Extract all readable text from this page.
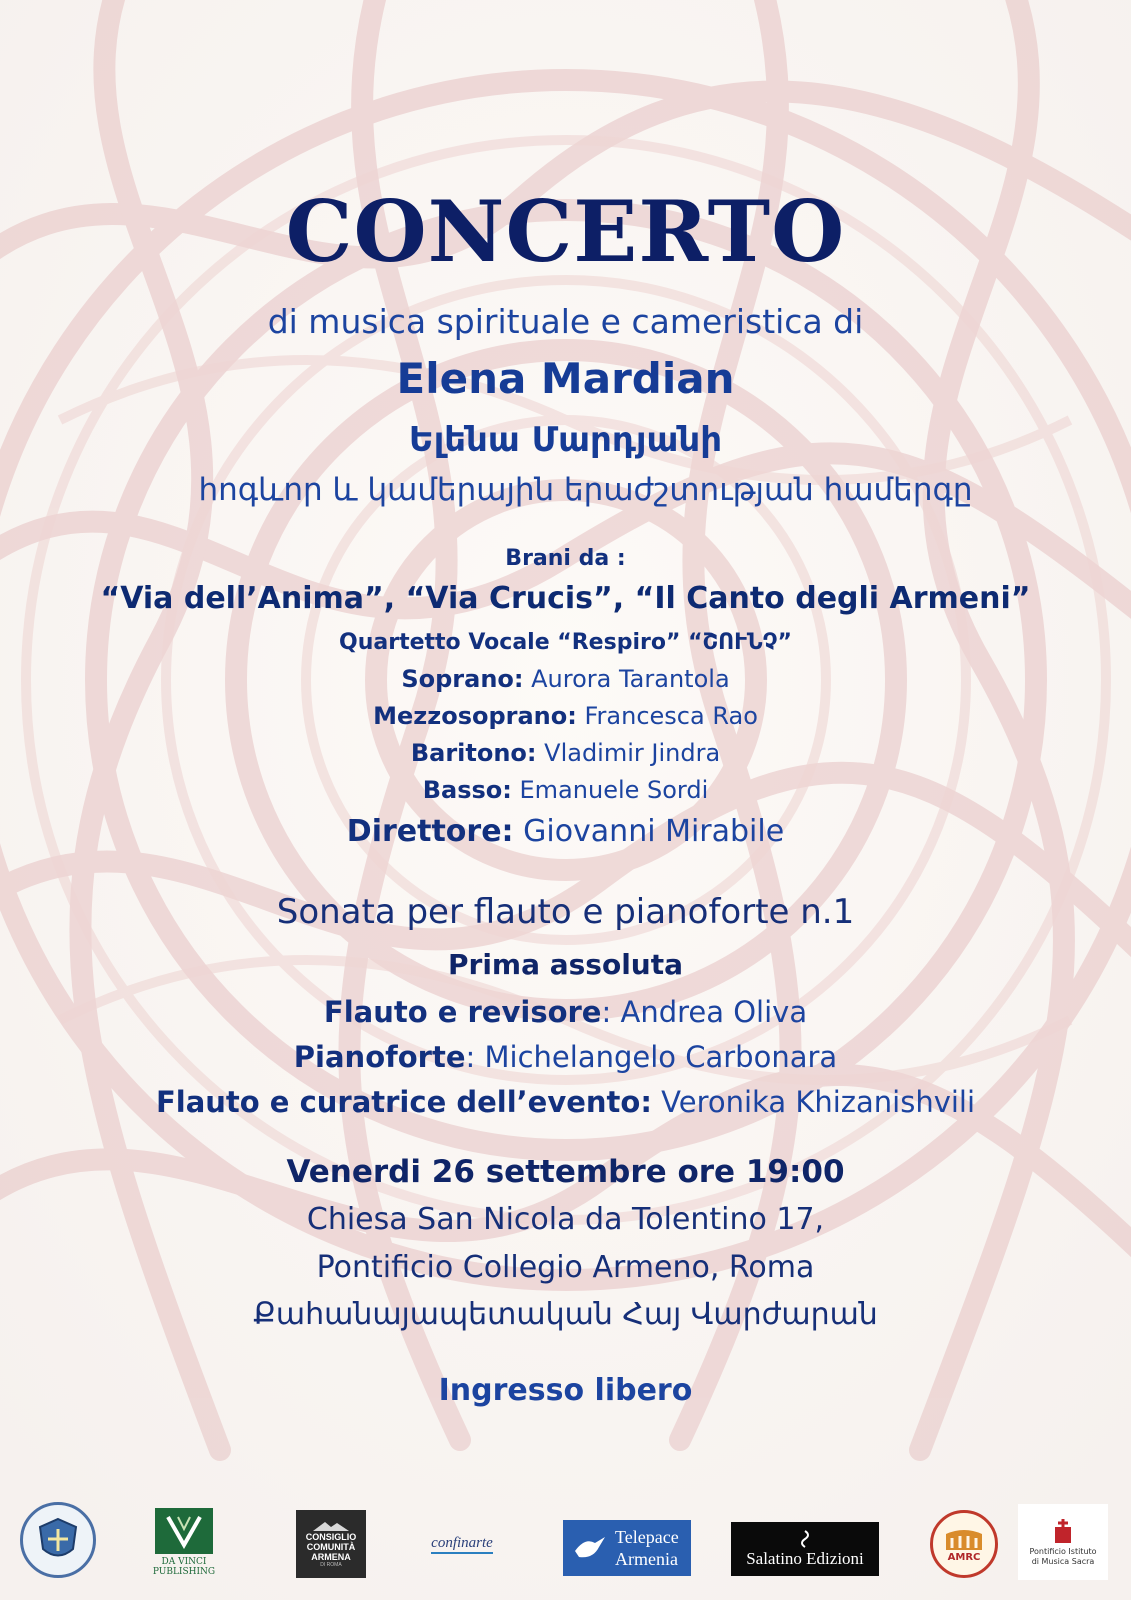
CONCERTO
di musica spirituale e cameristica di
Elena Mardian
Ելենա Մարդյանի
հոգևոր և կամերային երաժշտության համերգը
Brani da :
“Via dell’Anima”, “Via Crucis”, “Il Canto degli Armeni”
Quartetto Vocale “Respiro” “ՇՈՒՆՉ”
Soprano: Aurora Tarantola
Mezzosoprano: Francesca Rao
Baritono: Vladimir Jindra
Basso: Emanuele Sordi
Direttore: Giovanni Mirabile
Sonata per flauto e pianoforte n.1
Prima assoluta
Flauto e revisore: Andrea Oliva
Pianoforte: Michelangelo Carbonara
Flauto e curatrice dell’evento: Veronika Khizanishvili
Venerdi 26 settembre ore 19:00
Chiesa San Nicola da Tolentino 17,
Pontificio Collegio Armeno, Roma
Քահանայապետական Հայ Վարժարան
Ingresso libero
DA VINCI PUBLISHING
CONSIGLIO
COMUNITÀ
ARMENA
DI ROMA
confinarte	Telepace
Armenia	Salatino Edizioni	AMRC	Pontificio Istituto
di Musica Sacra
